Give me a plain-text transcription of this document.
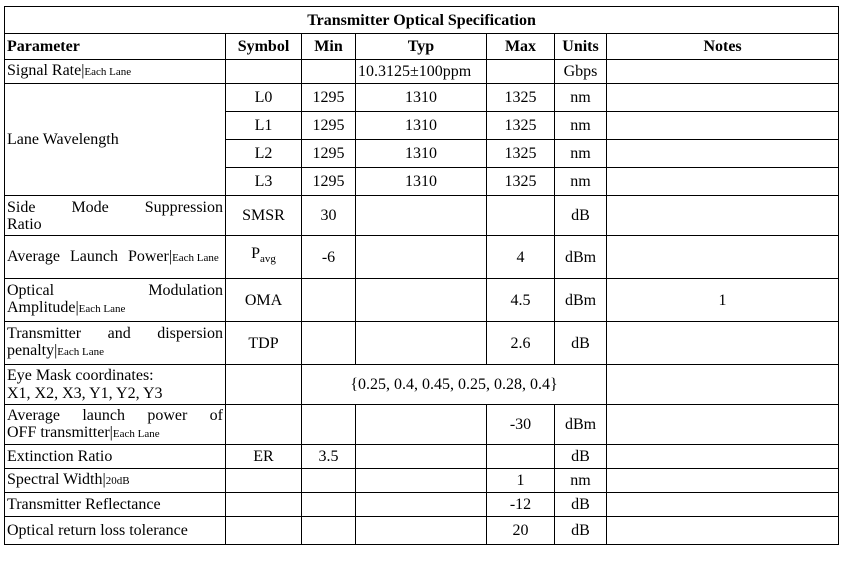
Transmitter Optical Specification						
Parameter	Symbol	Min	Typ	Max	Units	Notes
Signal Rate|Each Lane			10.3125±100ppm		Gbps	
Lane Wavelength	L0	1295	1310	1325	nm	
	L1	1295	1310	1325	nm	
	L2	1295	1310	1325	nm	
	L3	1295	1310	1325	nm	

Side Mode Suppression
Ratio	SMSR	30			dB	

Average Launch Power|Each Lane	$P_{avg}$	-6		4	dBm	

Optical Modulation
Amplitude|Each Lane	OMA			4.5	dBm	1

Transmitter and dispersion
penalty|Each Lane	TDP			2.6	dB	

Eye Mask coordinates:
X1, X2, X3, Y1, Y2, Y3		{0.25, 0.4, 0.45, 0.25, 0.28, 0.4}				

Average launch power of
OFF transmitter|Each Lane				-30	dBm	
Extinction Ratio	ER	3.5			dB	
Spectral Width|20dB				1	nm	
Transmitter Reflectance				-12	dB	
Optical return loss tolerance				20	dB	
